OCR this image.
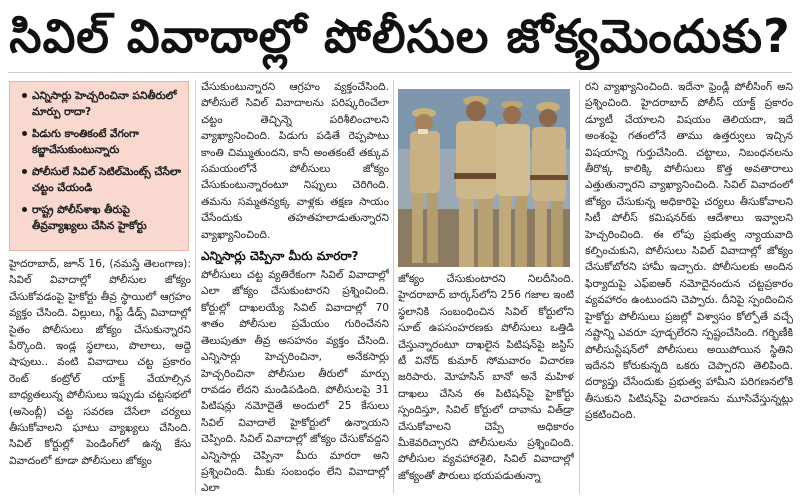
సివిల్ వివాదాల్లో పోలీసుల జోక్యమెందుకు?
ఎన్నిసార్లు హెచ్చరించినా పనితీరులో మార్పు రాదా?
పిడుగు కాంతికంటే వేగంగా కబ్జాచేసుకుంటున్నారు
పోలీసులే సివిల్ సెటిల్‌మెంట్స్ చేసేలా చట్టం చేయండి
రాష్ట్ర పోలీస్‌శాఖ తీరుపై తీవ్రవ్యాఖ్యలు చేసిన హైకోర్టు

హైదరాబాద్, జూన్ 16, (నమస్తే తెలంగాణ): సివిల్ వివాదాల్లో పోలీసుల జోక్యం చేసుకోవడంపై హైకోర్టు తీవ్ర స్థాయిలో ఆగ్రహం వ్యక్తం చేసింది. విల్లులు, గిఫ్ట్ డీడ్స్ వివాదాల్లో సైతం పోలీసులు జోక్యం చేసుకున్నారని పేర్కొంది. ఇండ్ల స్థలాలు, పొలాలు, అద్దె షాపులు.. వంటి వివాదాలు చట్ట ప్రకారం రెంట్ కంట్రోల్ యాక్ట్ వేయాల్సిన బాధ్యతలున్న పోలీసులు ఇప్పుడు చట్టసభలో (అసెంబ్లీ) చట్ట సవరణ చేసేలా చర్యలు తీసుకోవాలని ఘాటు వ్యాఖ్యలు చేసింది. సివిల్ కోర్టుల్లో పెండింగ్‌లో ఉన్న కేసు వివాదంలో కూడా పోలీసులు జోక్యం

చేసుకుంటున్నారని ఆగ్రహం వ్యక్తంచేసింది. పోలీసులే సివిల్ వివాదాలను పరిష్కరించేలా చట్టం తెచ్చిన్నె పరిశీలించాలని వ్యాఖ్యానించింది. పిడుగు పడితే రెప్పపాటు కాంతి చిమ్ముతుందని, కానీ అంతకంటే తక్కువ సమయంలోనే పోలీసులు జోక్యం చేసుకుంటున్నారంటూ నిప్పులు చెరిగింది. తమను సమ్మతన్యక్క వాళ్లకు తక్షణ సాయం చేసేందుకు తహతహలాడుతున్నారని వ్యాఖ్యానించింది.

ఎన్నిసార్లు చెప్పినా మీరు మారరా?

పోలీసులు చట్ట వ్యతిరేకంగా సివిల్ వివాదాల్లో ఎలా జోక్యం చేసుకుంటారని ప్రశ్నించింది. కోర్టుల్లో దాఖలయ్యే సివిల్ వివాదాల్లో 70 శాతం పోలీసుల ప్రమేయం గురించేనని తెలుపుతూ తీవ్ర అసహనం వ్యక్తం చేసింది. ఎన్నిసార్లు హెచ్చరించినా, అనేకసార్లు హెచ్చరించినా పోలీసుల తీరులో మార్పు రావడం లేదని మండిపడింది. పోలీసులపై 31 పిటిషన్లు నమోదైతే అందులో 25 కేసులు సివిల్ వివాదాలే హైకోర్టులో ఉన్నాయని చెప్పింది. సివిల్ వివాదాల్లో జోక్యం చేసుకోవద్దని ఎన్నిసార్లు చెప్పినా మీరు మారరా అని ప్రశ్నించింది. మీకు సంబంధం లేని వివాదాల్లో ఎలా

జోక్యం చేసుకుంటారని నిలదీసింది. హైదరాబాద్ బార్కస్‌లోని 256 గజాల ఇంటి స్థలానికి సంబంధించిన సివిల్ కోర్టులోని సూట్ ఉపసంహరణకు పోలీసులు ఒత్తిడి చేస్తున్నారంటూ దాఖలైన పిటిషన్‌పై జస్టిస్ టీ వినోద్ కుమార్ సోమవారం విచారణ జరిపారు. మోహసిన్ బానో అనే మహిళ దాఖలు చేసిన ఈ పిటిషన్‌పై హైకోర్టు స్పందిస్తూ, సివిల్ కోర్టులో దావాను విత్‌డ్రా చేసుకోవాలని చెప్పే అధికారం మీకెవరిచ్చారని పోలీసులను ప్రశ్నించింది. పోలీసుల వ్యవహారశైలి, సివిల్ వివాదాల్లో జోక్యంతో పౌరులు భయపడుతున్నా

రని వ్యాఖ్యానించింది. ఇదేనా ఫ్రెండ్లీ పోలీసింగ్ అని ప్రశ్నించింది. హైదరాబాద్ పోలీస్ యాక్ట్ ప్రకారం డ్యూటీ చేయాలని విషయం తెలియదా, ఇదే అంశంపై గతంలోనే తాము ఉత్తర్వులు ఇచ్చిన విషయాన్ని గుర్తుచేసింది. చట్టాలు, నిబంధనలను తీరొక్క కాలిక్కి పోలీసులు కొత్త అవతారాలు ఎత్తుతున్నారని వ్యాఖ్యానించింది. సివిల్ వివాదంలో జోక్యం చేసుకున్న అధికారిపై చర్యలు తీసుకోవాలని సిటీ పోలీస్ కమిషనర్‌కు ఆదేశాలు ఇవ్వాలని హెచ్చరించింది. ఈ లోపు ప్రభుత్వ న్యాయవాది కల్పించుకుని, పోలీసులు సివిల్ వివాదాల్లో జోక్యం చేసుకోబోరని హామీ ఇచ్చారు. పోలీసులకు అందిన ఫిర్యాదుపై ఎఫ్‌ఐఆర్ నమోదైనందున చట్టప్రకారం వ్యవహారం ఉంటుందని చెప్పారు. దీనిపై స్పందించిన హైకోర్టు పోలీసులు ప్రజల్లో విశ్వాసం కోల్పోతే వచ్చే నష్టాన్ని ఎవరూ పూడ్చలేరని స్పష్టంచేసింది. గర్భిణీకి పోలీసుస్టేషన్‌లో పోలీసులు అయిపోయిన స్థితిని ఇదేనని కోరుకున్నది ఒకరు చెప్పారని తెలిపింది. దర్యాప్తు చేసేందుకు ప్రభుత్వ హామీని పరిగణనలోకి తీసుకుని పిటిషన్‌పై విచారణను మూసివేస్తున్నట్లు ప్రకటించింది.
